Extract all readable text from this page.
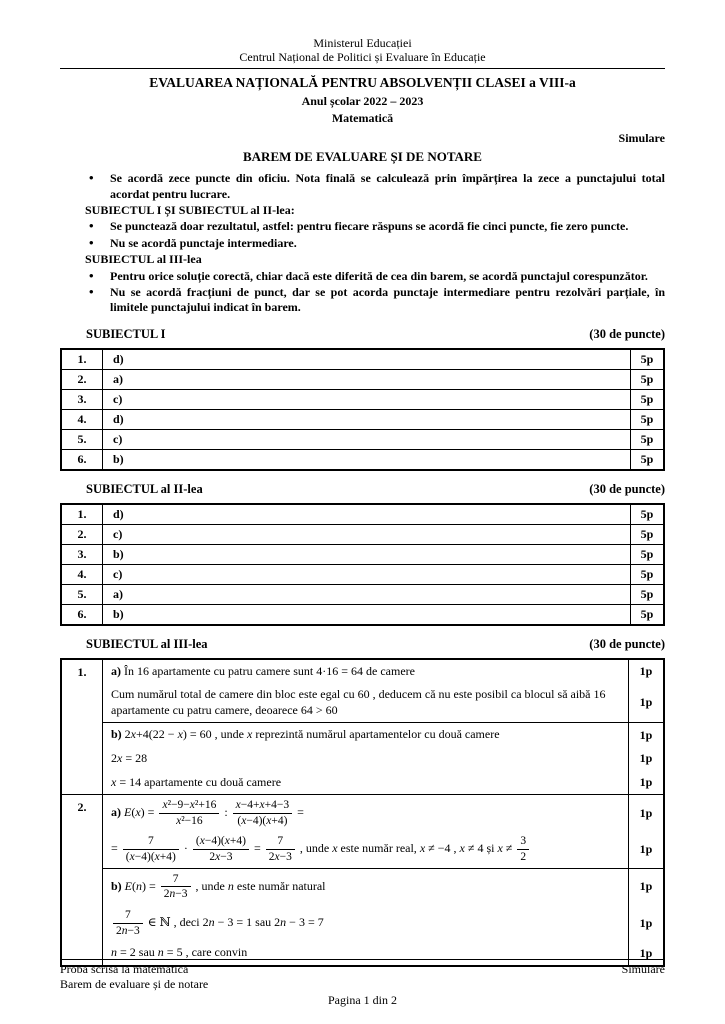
Ministerul Educației
Centrul Național de Politici și Evaluare în Educație
EVALUAREA NAȚIONALĂ PENTRU ABSOLVENȚII CLASEI a VIII-a
Anul școlar 2022 – 2023
Matematică
Simulare
BAREM DE EVALUARE ȘI DE NOTARE
• Se acordă zece puncte din oficiu. Nota finală se calculează prin împărțirea la zece a punctajului total acordat pentru lucrare.
SUBIECTUL I ȘI SUBIECTUL al II-lea:
• Se punctează doar rezultatul, astfel: pentru fiecare răspuns se acordă fie cinci puncte, fie zero puncte.
• Nu se acordă punctaje intermediare.
SUBIECTUL al III-lea
• Pentru orice soluție corectă, chiar dacă este diferită de cea din barem, se acordă punctajul corespunzător.
• Nu se acordă fracțiuni de punct, dar se pot acorda punctaje intermediare pentru rezolvări parțiale, în limitele punctajului indicat în barem.
SUBIECTUL I	(30 de puncte)
1.	d)	5p
2.	a)	5p
3.	c)	5p
4.	d)	5p
5.	c)	5p
6.	b)	5p
SUBIECTUL al II-lea	(30 de puncte)
1.	d)	5p
2.	c)	5p
3.	b)	5p
4.	c)	5p
5.	a)	5p
6.	b)	5p
SUBIECTUL al III-lea	(30 de puncte)
1.	a) În 16 apartamente cu patru camere sunt 4·16 = 64 de camere	1p
	Cum numărul total de camere din bloc este egal cu 60 , deducem că nu este posibil ca blocul să aibă 16 apartamente cu patru camere, deoarece 64 > 60	1p
	b) 2x+4(22 − x) = 60 , unde x reprezintă numărul apartamentelor cu două camere	1p
	2x = 28	1p
	x = 14 apartamente cu două camere	1p
2.	a) $E(x) = \frac{\text{x²−9−x²+16}}{\text{x²−16}}$ : $\frac{x-4+x+4-3}{(x-4)(x+4)}$ =	1p
= $\frac{7}{(x-4)(x+4)} \cdot \frac{(x-4)(x+4)}{2x-3} = \frac{7}{2x-3}$ , unde x este număr real, x ≠ −4 , x ≠ 4 și $x \ne \frac{3}{2}$	1p
	b) $E(n) = \frac{7}{2n-3}$ , unde n este număr natural	1p

	$\frac{7}{2n-3}$ ∈ ℕ , deci 2n − 3 = 1 sau 2n − 3 = 7	1p
	n = 2 sau n = 5 , care convin	1p
Probă scrisă la matematică
Barem de evaluare și de notare
Simulare
Pagina 1 din 2
